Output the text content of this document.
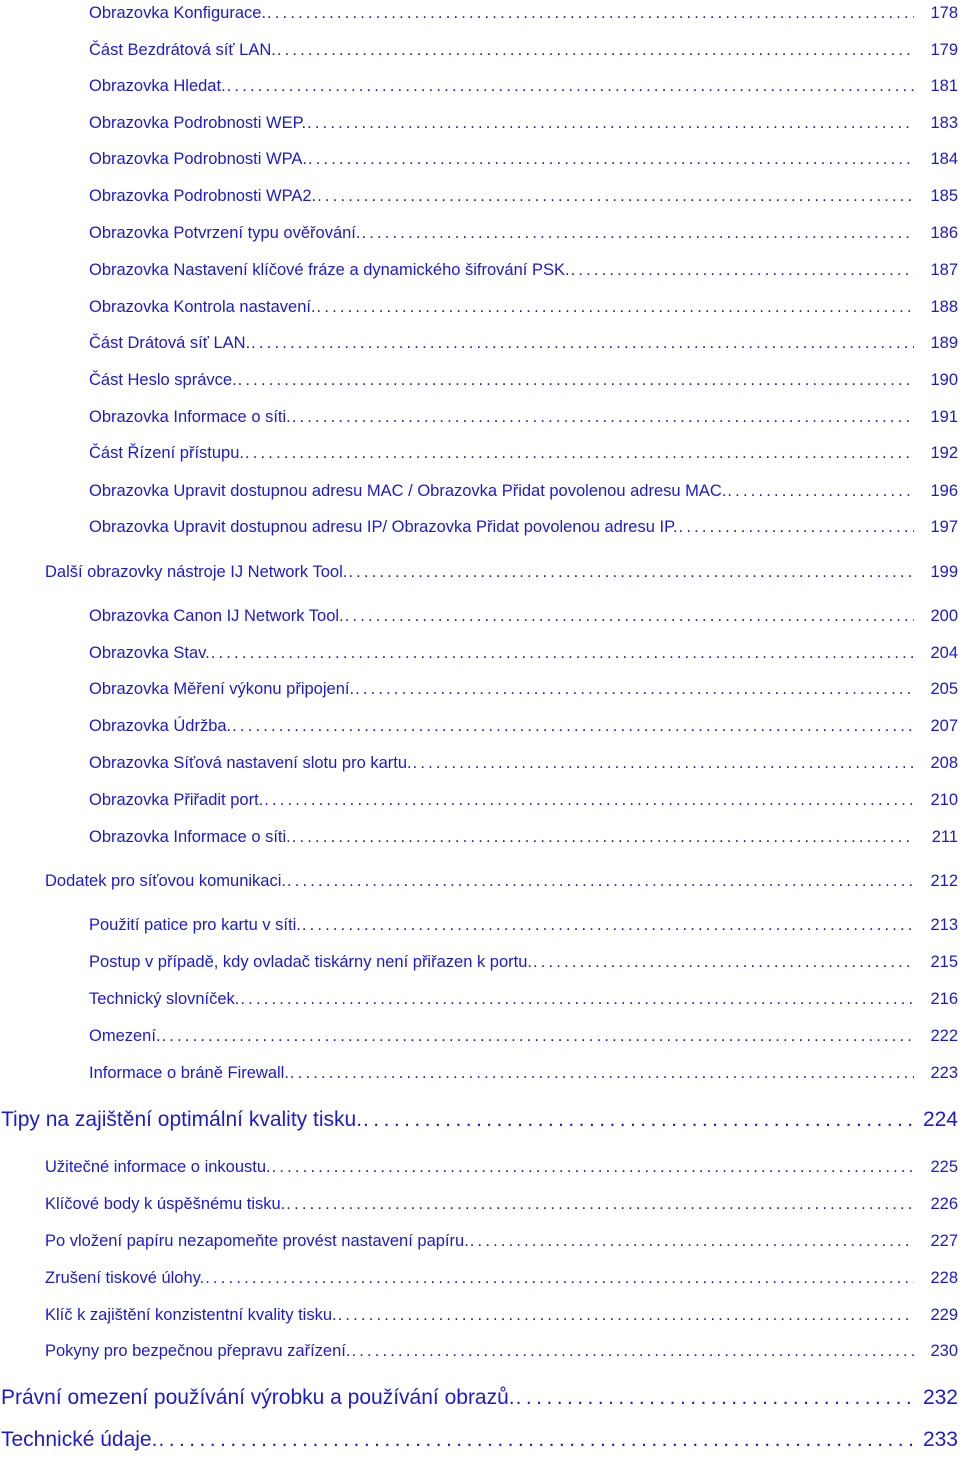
Obrazovka Konfigurace. . . .	178
Část Bezdrátová síť LAN. . . .	179
Obrazovka Hledat. . . .	181
Obrazovka Podrobnosti WEP. . . .	183
Obrazovka Podrobnosti WPA. . . .	184
Obrazovka Podrobnosti WPA2. . . .	185
Obrazovka Potvrzení typu ověřování. . . .	186
Obrazovka Nastavení klíčové fráze a dynamického šifrování PSK. . . .	187
Obrazovka Kontrola nastavení. . . .	188
Část Drátová síť LAN. . . .	189
Část Heslo správce. . . .	190
Obrazovka Informace o síti. . . .	191
Část Řízení přístupu. . . .	192
Obrazovka Upravit dostupnou adresu MAC / Obrazovka Přidat povolenou adresu MAC. . . .	196
Obrazovka Upravit dostupnou adresu IP/ Obrazovka Přidat povolenou adresu IP. . . .	197
Další obrazovky nástroje IJ Network Tool. . . .	199
Obrazovka Canon IJ Network Tool. . . .	200
Obrazovka Stav. . . .	204
Obrazovka Měření výkonu připojení. . . .	205
Obrazovka Údržba. . . .	207
Obrazovka Síťová nastavení slotu pro kartu. . . .	208
Obrazovka Přiřadit port. . . .	210
Obrazovka Informace o síti. . . .	211
Dodatek pro síťovou komunikaci. . . .	212
Použití patice pro kartu v síti. . . .	213
Postup v případě, kdy ovladač tiskárny není přiřazen k portu. . . .	215
Technický slovníček. . . .	216
Omezení. . . .	222
Informace o bráně Firewall. . . .	223
Tipy na zajištění optimální kvality tisku. . . .	224
Užitečné informace o inkoustu. . . .	225
Klíčové body k úspěšnému tisku. . . .	226
Po vložení papíru nezapomeňte provést nastavení papíru. . . .	227
Zrušení tiskové úlohy. . . .	228
Klíč k zajištění konzistentní kvality tisku. . . .	229
Pokyny pro bezpečnou přepravu zařízení. . . .	230
Právní omezení používání výrobku a používání obrazů. . . .	232
Technické údaje. . . .	233
